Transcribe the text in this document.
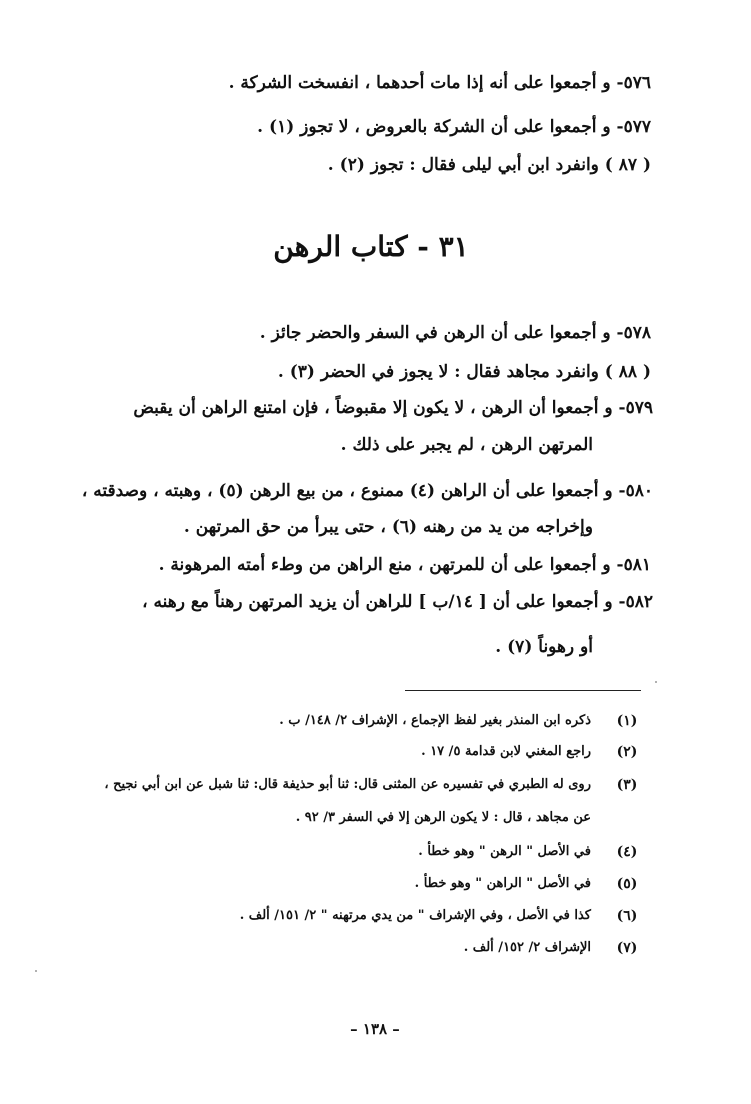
٥٧٦- و أجمعوا على أنه إذا مات أحدهما ، انفسخت الشركة .
٥٧٧- و أجمعوا على أن الشركة بالعروض ، لا تجوز (١) .
( ٨٧ ) وانفرد ابن أبي ليلى فقال : تجوز (٢) .
٣١ - كتاب الرهن
٥٧٨- و أجمعوا على أن الرهن في السفر والحضر جائز .
( ٨٨ ) وانفرد مجاهد فقال : لا يجوز في الحضر (٣) .
٥٧٩- و أجمعوا أن الرهن ، لا يكون إلا مقبوضاً ، فإن امتنع الراهن أن يقبض
المرتهن الرهن ، لم يجبر على ذلك .
٥٨٠- و أجمعوا على أن الراهن (٤) ممنوع ، من بيع الرهن (٥) ، وهبته ، وصدقته ،
وإخراجه من يد من رهنه (٦) ، حتى يبرأ من حق المرتهن .
٥٨١- و أجمعوا على أن للمرتهن ، منع الراهن من وطء أمته المرهونة .
٥٨٢- و أجمعوا على أن [ ١٤/ب ] للراهن أن يزيد المرتهن رهناً مع رهنه ،
أو رهوناً (٧) .
(١)
ذكره ابن المنذر بغير لفظ الإجماع ، الإشراف ٢/ ١٤٨/ ب .
(٢)
راجع المغني لابن قدامة ٥/ ١٧ .
(٣)
روى له الطبري في تفسيره عن المثنى قال: ثنا أبو حذيفة قال: ثنا شبل عن ابن أبي نجيح ،
عن مجاهد ، قال : لا يكون الرهن إلا في السفر ٣/ ٩٢ .
(٤)
في الأصل " الرهن " وهو خطأ .
(٥)
في الأصل " الراهن " وهو خطأ .
(٦)
كذا في الأصل ، وفي الإشراف " من يدي مرتهنه " ٢/ ١٥١/ ألف .
(٧)
الإشراف ٢/ ١٥٢/ ألف .
– ١٣٨ –
